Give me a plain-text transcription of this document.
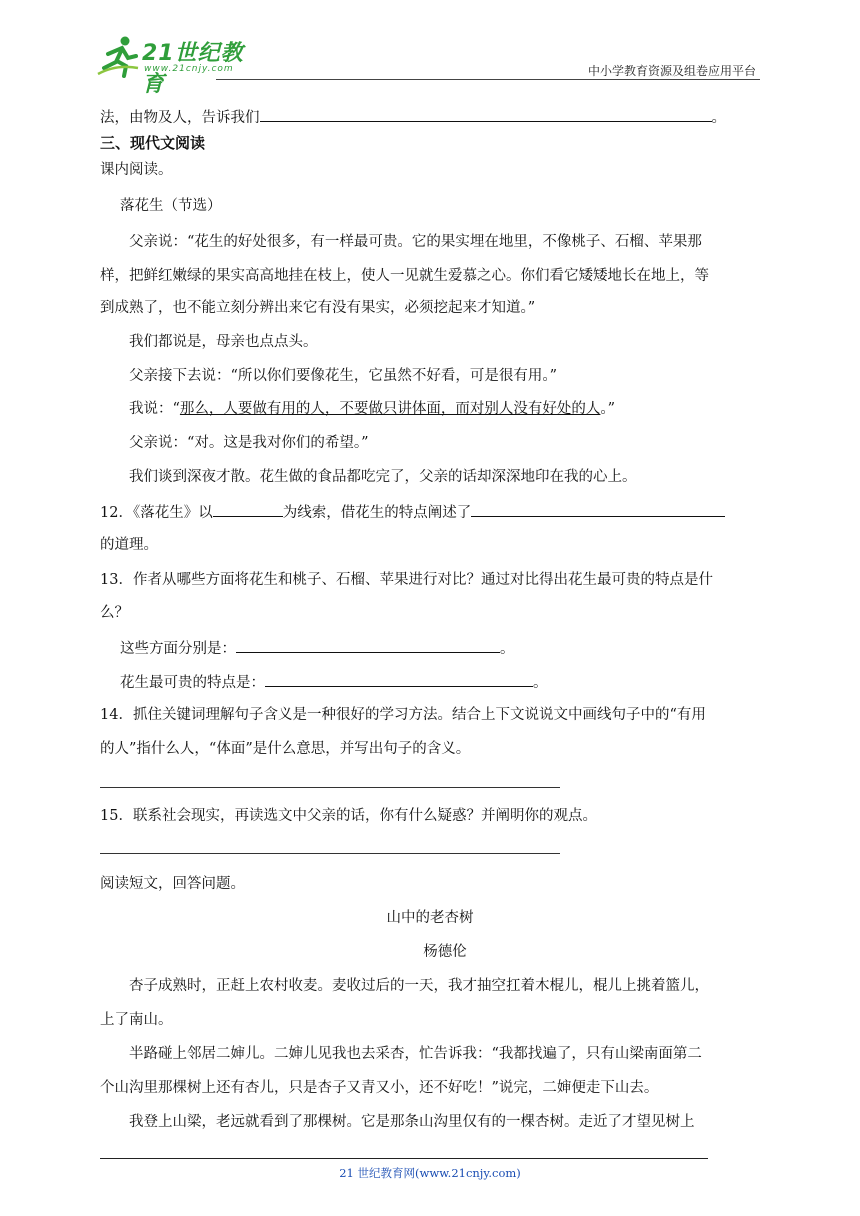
21世纪教育
www.21cnjy.com	中小学教育资源及组卷应用平台
法，由物及人，告诉我们	。
三、现代文阅读
课内阅读。
落花生（节选）
父亲说：“花生的好处很多，有一样最可贵。它的果实埋在地里，不像桃子、石榴、苹果那
样，把鲜红嫩绿的果实高高地挂在枝上，使人一见就生爱慕之心。你们看它矮矮地长在地上，等
到成熟了，也不能立刻分辨出来它有没有果实，必须挖起来才知道。”
我们都说是，母亲也点点头。
父亲接下去说：“所以你们要像花生，它虽然不好看，可是很有用。”
我说：“那么，人要做有用的人，不要做只讲体面，而对别人没有好处的人。”
父亲说：“对。这是我对你们的希望。”
我们谈到深夜才散。花生做的食品都吃完了，父亲的话却深深地印在我的心上。
12．《落花生》以	为线索，借花生的特点阐述了
的道理。
13．作者从哪些方面将花生和桃子、石榴、苹果进行对比？通过对比得出花生最可贵的特点是什
么？
这些方面分别是：	。
花生最可贵的特点是：	。
14．抓住关键词理解句子含义是一种很好的学习方法。结合上下文说说文中画线句子中的“有用
的人”指什么人，“体面”是什么意思，并写出句子的含义。
15．联系社会现实，再读选文中父亲的话，你有什么疑惑？并阐明你的观点。
阅读短文，回答问题。
山中的老杏树
杨德伦
杏子成熟时，正赶上农村收麦。麦收过后的一天，我才抽空扛着木棍儿，棍儿上挑着篮儿，
上了南山。
半路碰上邻居二婶儿。二婶儿见我也去采杏，忙告诉我：“我都找遍了，只有山梁南面第二
个山沟里那棵树上还有杏儿，只是杏子又青又小，还不好吃！”说完，二婶便走下山去。
我登上山梁，老远就看到了那棵树。它是那条山沟里仅有的一棵杏树。走近了才望见树上
21 世纪教育网(www.21cnjy.com)
